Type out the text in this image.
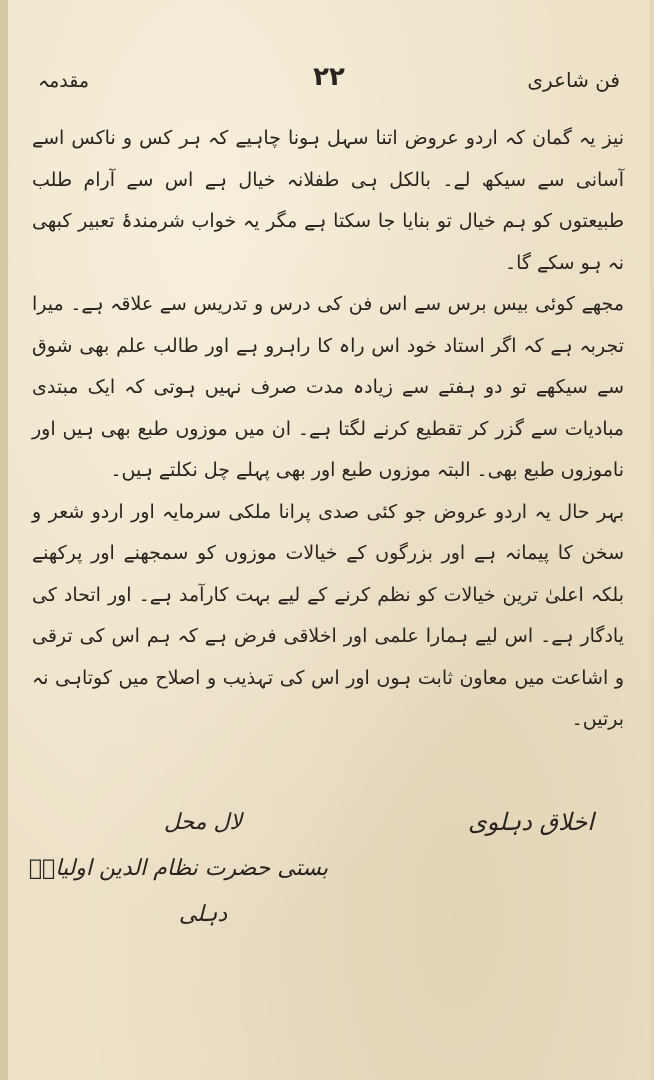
فن شاعری
۲۲
مقدمہ

نیز یہ گمان کہ اردو عروض اتنا سہل ہونا چاہیے کہ ہر کس و ناکس اسے آسانی سے سیکھ لے۔ بالکل ہی طفلانہ خیال ہے اس سے آرام طلب طبیعتوں کو ہم خیال تو بنایا جا سکتا ہے مگر یہ خواب شرمندۂ تعبیر کبھی نہ ہو سکے گا۔

مجھے کوئی بیس برس سے اس فن کی درس و تدریس سے علاقہ ہے۔ میرا تجربہ ہے کہ اگر استاد خود اس راہ کا راہرو ہے اور طالب علم بھی شوق سے سیکھے تو دو ہفتے سے زیادہ مدت صرف نہیں ہوتی کہ ایک مبتدی مبادیات سے گزر کر تقطیع کرنے لگتا ہے۔ ان میں موزوں طبع بھی ہیں اور ناموزوں طبع بھی۔ البتہ موزوں طبع اور بھی پہلے چل نکلتے ہیں۔

بہر حال یہ اردو عروض جو کئی صدی پرانا ملکی سرمایہ اور اردو شعر و سخن کا پیمانہ ہے اور بزرگوں کے خیالات موزوں کو سمجھنے اور پرکھنے بلکہ اعلیٰ ترین خیالات کو نظم کرنے کے لیے بہت کارآمد ہے۔ اور اتحاد کی یادگار ہے۔ اس لیے ہمارا علمی اور اخلاقی فرض ہے کہ ہم اس کی ترقی و اشاعت میں معاون ثابت ہوں اور اس کی تہذیب و اصلاح میں کوتاہی نہ برتیں۔

اخلاق دہلوی
لال محل
بستی حضرت نظام الدین اولیاءؒ
دہلی
